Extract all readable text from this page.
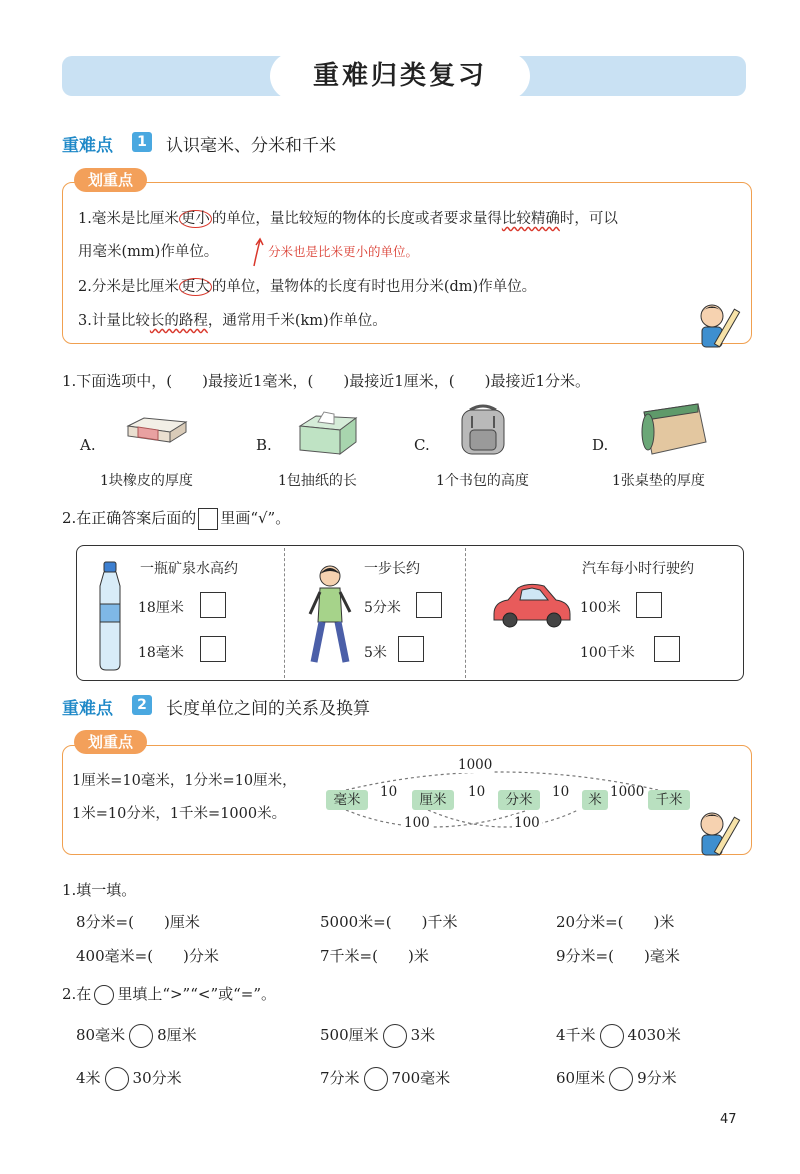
重难归类复习
重难点	1	认识毫米、分米和千米
划重点
1.毫米是比厘米 更小 的单位，量比较短的物体的长度或者要求量得比较精确时，可以
用毫米(mm)作单位。	分米也是比米更小的单位。
2.分米是比厘米 更大 的单位，量物体的长度有时也用分米(dm)作单位。
3.计量比较长的路程，通常用千米(km)作单位。
1.下面选项中，(　　)最接近1毫米，(　　)最接近1厘米，(　　)最接近1分米。
A.	B.	C.	D.
1块橡皮的厚度	1包抽纸的长	1个书包的高度	1张桌垫的厚度
2.在正确答案后面的 里画“√”。
一瓶矿泉水高约
18厘米
18毫米
一步长约
5分米
5米
汽车每小时行驶约
100米
100千米
重难点	2	长度单位之间的关系及换算
划重点
1厘米=10毫米，1分米=10厘米，
1米=10分米，1千米=1000米。
1000
100	100
毫米	10	厘米	10	分米	10	米 1000 千米
1.填一填。
8分米=(　　)厘米	5000米=(　　)千米	20分米=(　　)米
400毫米=(　　)分米	7千米=(　　)米	9分米=(　　)毫米
2.在 里填上“>”“<”或“=”。
80毫米 8厘米	500厘米 3米	4千米 4030米
4米 30分米	7分米 700毫米	60厘米 9分米
47
